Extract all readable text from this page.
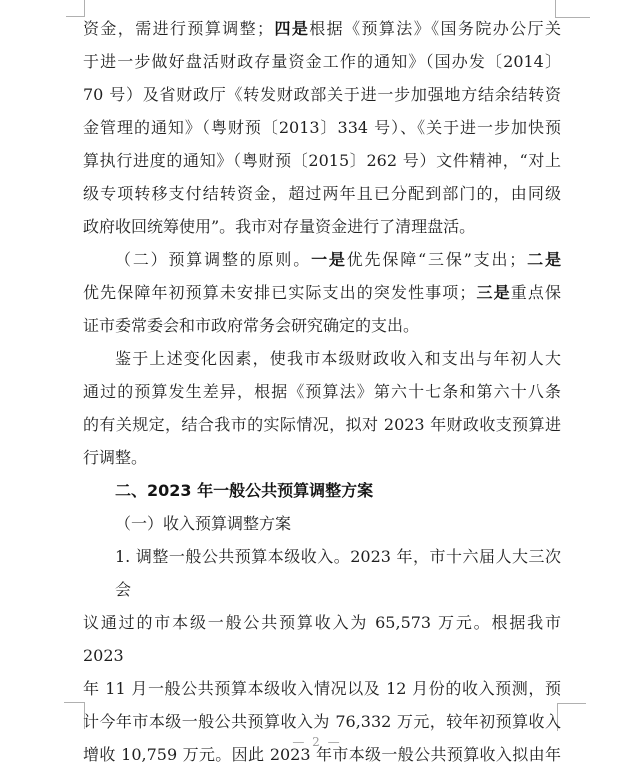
资金，需进行预算调整；四是根据《预算法》《国务院办公厅关
于进一步做好盘活财政存量资金工作的通知》（国办发〔2014〕
70 号）及省财政厅《转发财政部关于进一步加强地方结余结转资
金管理的通知》（粤财预〔2013〕334 号）、《关于进一步加快预
算执行进度的通知》（粤财预〔2015〕262 号）文件精神，“对上
级专项转移支付结转资金，超过两年且已分配到部门的，由同级
政府收回统筹使用”。我市对存量资金进行了清理盘活。
（二）预算调整的原则。一是优先保障“三保”支出；二是
优先保障年初预算未安排已实际支出的突发性事项；三是重点保
证市委常委会和市政府常务会研究确定的支出。
鉴于上述变化因素，使我市本级财政收入和支出与年初人大
通过的预算发生差异，根据《预算法》第六十七条和第六十八条
的有关规定，结合我市的实际情况，拟对 2023 年财政收支预算进
行调整。
二、2023 年一般公共预算调整方案
（一）收入预算调整方案
1. 调整一般公共预算本级收入。2023 年，市十六届人大三次会
议通过的市本级一般公共预算收入为 65,573 万元。根据我市 2023
年 11 月一般公共预算本级收入情况以及 12 月份的收入预测，预
计今年市本级一般公共预算收入为 76,332 万元，较年初预算收入
增收 10,759 万元。因此 2023 年市本级一般公共预算收入拟由年
— 2 —
